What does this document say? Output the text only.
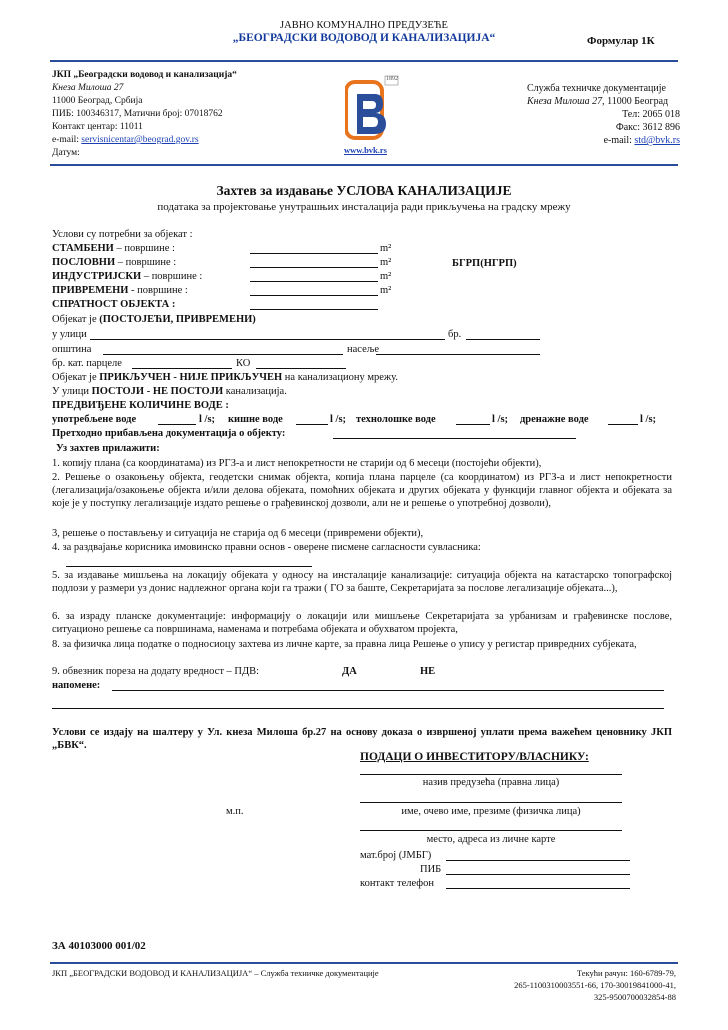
ЈАВНО КОМУНАЛНО ПРЕДУЗЕЋЕ
„БЕОГРАДСКИ ВОДОВОД И КАНАЛИЗАЦИЈА“	Формулар 1К
ЈКП „Београдски водовод и канализација“
Кнеза Милоша 27
11000 Београд, Србија
ПИБ: 100346317, Матични број: 07018762
Контакт центар: 11011
e-mail: servisnicentar@beograd.gov.rs
Датум:
1892
www.bvk.rs
Служба техничке документације
Кнеза Милоша 27, 11000 Београд
Тел: 2065 018
Факс: 3612 896
e-mail: std@bvk.rs
Захтев за издавање УСЛОВА КАНАЛИЗАЦИЈЕ
података за пројектовање унутрашњих инсталација ради прикључења на градску мрежу
Услови су потребни за објекат :
СТАМБЕНИ – површине :	m²
ПОСЛОВНИ – површине :	m²	БГРП(НГРП)
ИНДУСТРИЈСКИ – површине :	m²
ПРИВРЕМЕНИ - површине :	m²
СПРАТНОСТ ОБЈЕКТА :
Објекат је (ПОСТОЈЕЋИ, ПРИВРЕМЕНИ)
у улици	бр.
општина	насеље
бр. кат. парцеле	КО
Објекат је ПРИКЉУЧЕН - НИЈЕ ПРИКЉУЧЕН на канализациону мрежу.
У улици ПОСТОЈИ - НЕ ПОСТОЈИ канализација.
ПРЕДВИЂЕНЕ КОЛИЧИНЕ ВОДЕ :
употребљене воде	l /s; кишне воде	l /s; технолошке воде	l /s; дренажне воде	l /s;
Претходно прибављена документација о објекту:
Уз захтев прилажити:
1. копију плана (са координатама) из РГЗ-а и лист непокретности не старији од 6 месеци (постојећи објекти),
2. Решење о озакоњењу објекта, геодетски снимак објекта, копија плана парцеле (са координатом) из РГЗ-а и лист непокретности (легализација/озакоњење објекта и/или делова објеката, помоћних објеката и других објеката у функцији главног објекта и објеката за које је у поступку легализације издато решење о грађевинској дозволи, али не и решење о употребној дозволи),
3, решење о постављењу и ситуација не старија од 6 месеци (привремени објекти),
4. за раздвајање корисника имовинско правни основ - оверене писмене сагласности сувласника:
5. за издавање мишљења на локацију објеката у односу на инсталације канализације: ситуација објекта на катастарско топографској подлози у размери уз донис надлежног органа који га тражи ( ГО за баште, Секретаријата за послове легализације објеката...),
6. за израду планске документације: информацију о локацији или мишљење Секретаријата за урбанизам и грађевинске послове, ситуационо решење са површинама, наменама и потребама објеката и обухватом пројекта,
8. за физичка лица податке о подносиоцу захтева из личне карте, за правна лица Решење о упису у регистар привредних субјеката,
9. обвезник пореза на додату вредност – ПДВ:	ДА	НЕ
напомене:
Услови се издају на шалтеру у Ул. кнеза Милоша бр.27 на основу доказа о извршеној уплати према важећем ценовнику ЈКП „БВК“.
ПОДАЦИ О ИНВЕСТИТОРУ/ВЛАСНИКУ:
назив предузећа (правна лица)
име, очево име, презиме (физичка лица)
м.п.
место, адреса из личне карте
мат.број (ЈМБГ)
ПИБ
контакт телефон
ЗА 40103000 001/02
ЈКП „БЕОГРАДСКИ ВОДОВОД И КАНАЛИЗАЦИЈА“ – Служба техничке документације	Текући рачун: 160-6789-79,
265-1100310003551-66, 170-30019841000-41,
325-9500700032854-88
